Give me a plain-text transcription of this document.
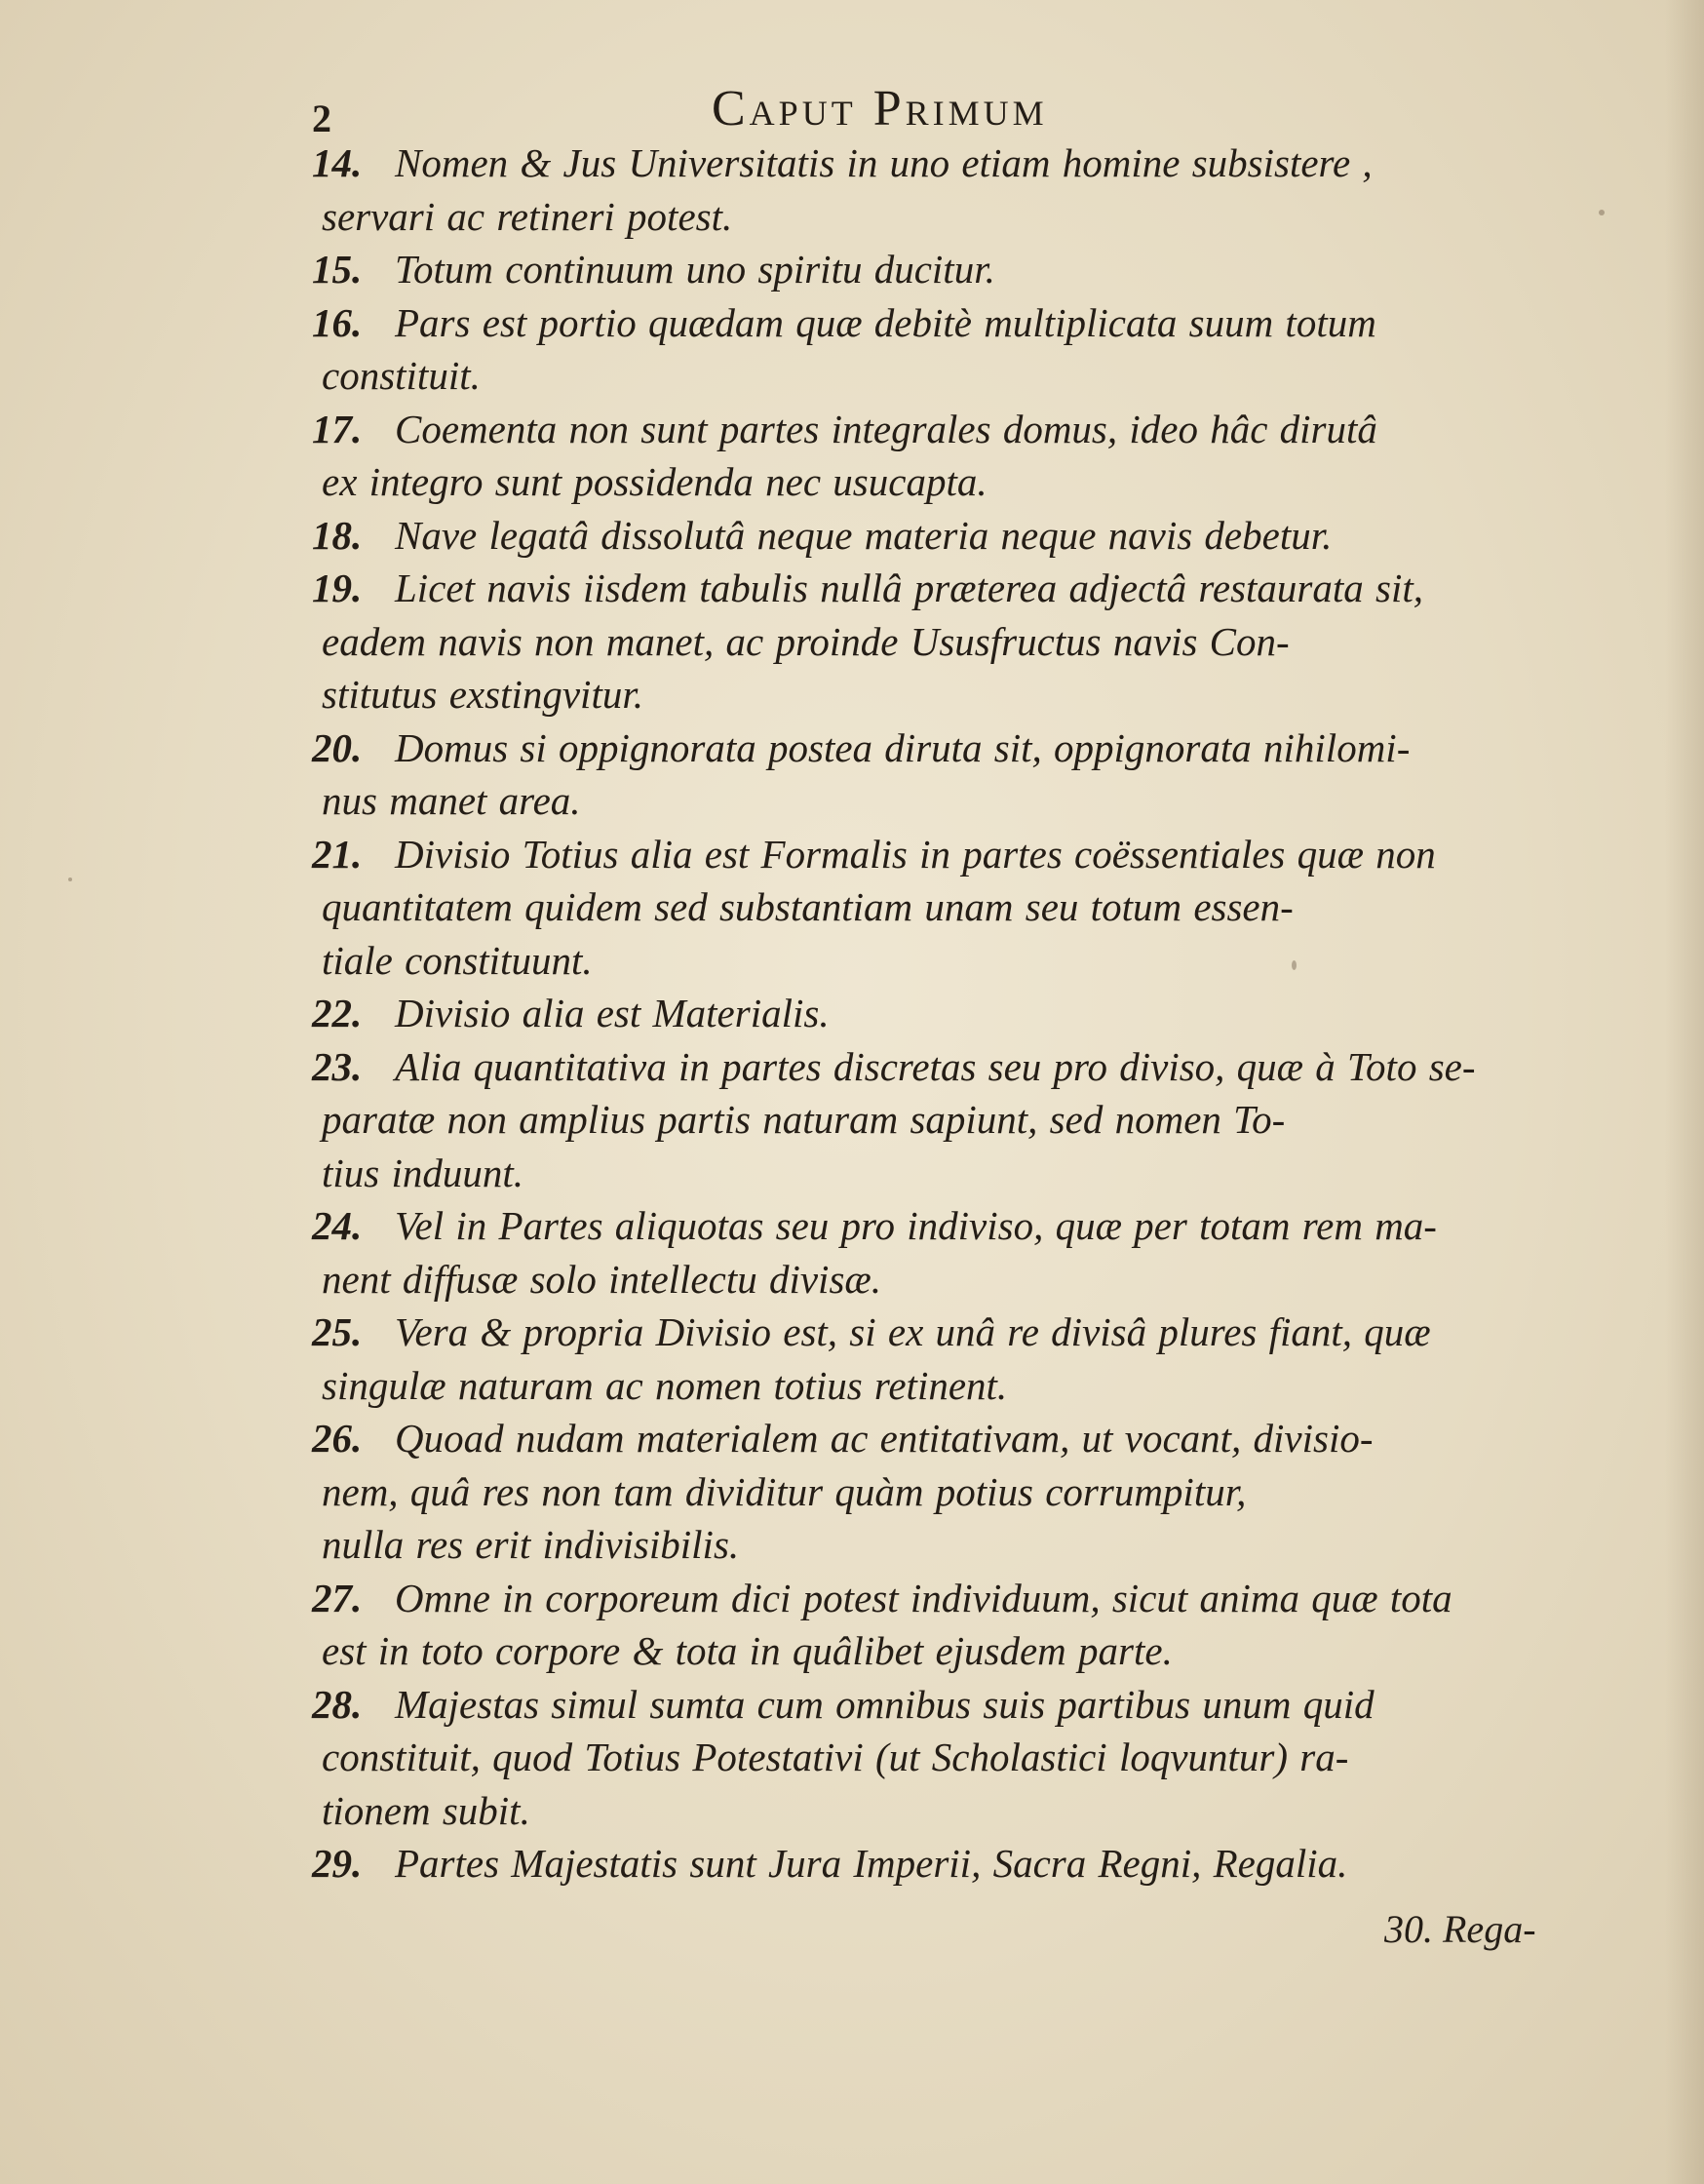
2	Caput Primum

14. Nomen & Jus Universitatis in uno etiam homine subsistere ,
servari ac retineri potest.

15. Totum continuum uno spiritu ducitur.

16. Pars est portio quædam quæ debitè multiplicata suum totum
constituit.

17. Coementa non sunt partes integrales domus, ideo hâc dirutâ
ex integro sunt possidenda nec usucapta.

18. Nave legatâ dissolutâ neque materia neque navis debetur.

19. Licet navis iisdem tabulis nullâ præterea adjectâ restaurata sit,
eadem navis non manet, ac proinde Ususfructus navis Con-
stitutus exstingvitur.

20. Domus si oppignorata postea diruta sit, oppignorata nihilomi-
nus manet area.

21. Divisio Totius alia est Formalis in partes coëssentiales quæ non
quantitatem quidem sed substantiam unam seu totum essen-
tiale constituunt.

22. Divisio alia est Materialis.

23. Alia quantitativa in partes discretas seu pro diviso, quæ à Toto se-
paratæ non amplius partis naturam sapiunt, sed nomen To-
tius induunt.

24. Vel in Partes aliquotas seu pro indiviso, quæ per totam rem ma-
nent diffusæ solo intellectu divisæ.

25. Vera & propria Divisio est, si ex unâ re divisâ plures fiant, quæ
singulæ naturam ac nomen totius retinent.

26. Quoad nudam materialem ac entitativam, ut vocant, divisio-
nem, quâ res non tam dividitur quàm potius corrumpitur,
nulla res erit indivisibilis.

27. Omne in corporeum dici potest individuum, sicut anima quæ tota
est in toto corpore & tota in quâlibet ejusdem parte.

28. Majestas simul sumta cum omnibus suis partibus unum quid
constituit, quod Totius Potestativi (ut Scholastici loqvuntur) ra-
tionem subit.

29. Partes Majestatis sunt Jura Imperii, Sacra Regni, Regalia.

30. Rega-
